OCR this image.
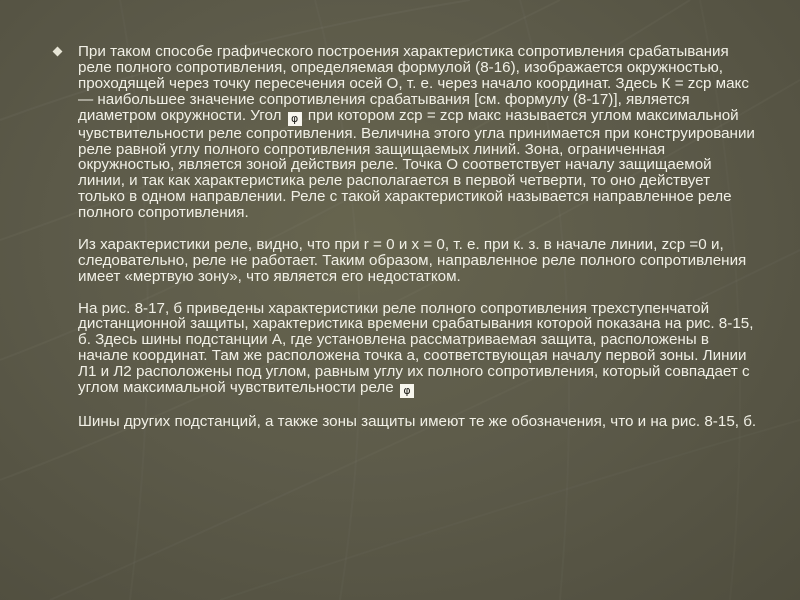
При таком способе графического построения характеристика сопротивления срабатывания реле полного сопротивления, определяемая формулой (8-16), изображается окружностью, проходящей через точку пересечения осей О, т. е. через начало координат. Здесь К = zср макс — наибольшее значение сопротивления срабатывания [см. формулу (8-17)], является диаметром окружности. Угол φ при котором zср = zср макс называется углом максимальной чувствительности реле сопротивления. Величина этого угла принимается при конструировании реле равной углу полного сопротивления защищаемых линий. Зона, ограниченная окружностью, является зоной действия реле. Точка О соответствует началу защищаемой линии, и так как характеристика реле располагается в первой четверти, то оно действует только в одном направлении. Реле с такой характеристикой называется направленное реле полного сопротивления.

Из характеристики реле, видно, что при r = 0 и x = 0, т. е. при к. з. в начале линии, zср =0 и, следовательно, реле не работает. Таким образом, направленное реле полного сопротивления имеет «мертвую зону», что является его недостатком.

На рис. 8-17, б приведены характеристики реле полного сопротивления трехступенчатой дистанционной защиты, характеристика времени срабатывания которой показана на рис. 8-15, б. Здесь шины подстанции А, где установлена рассматриваемая защита, расположены в начале координат. Там же расположена точка а, соответствующая началу первой зоны. Линии Л1 и Л2 расположены под углом, равным углу их полного сопротивления, который совпадает с углом максимальной чувствительности реле φ

Шины других подстанций, а также зоны защиты имеют те же обозначения, что и на рис. 8-15, б.
